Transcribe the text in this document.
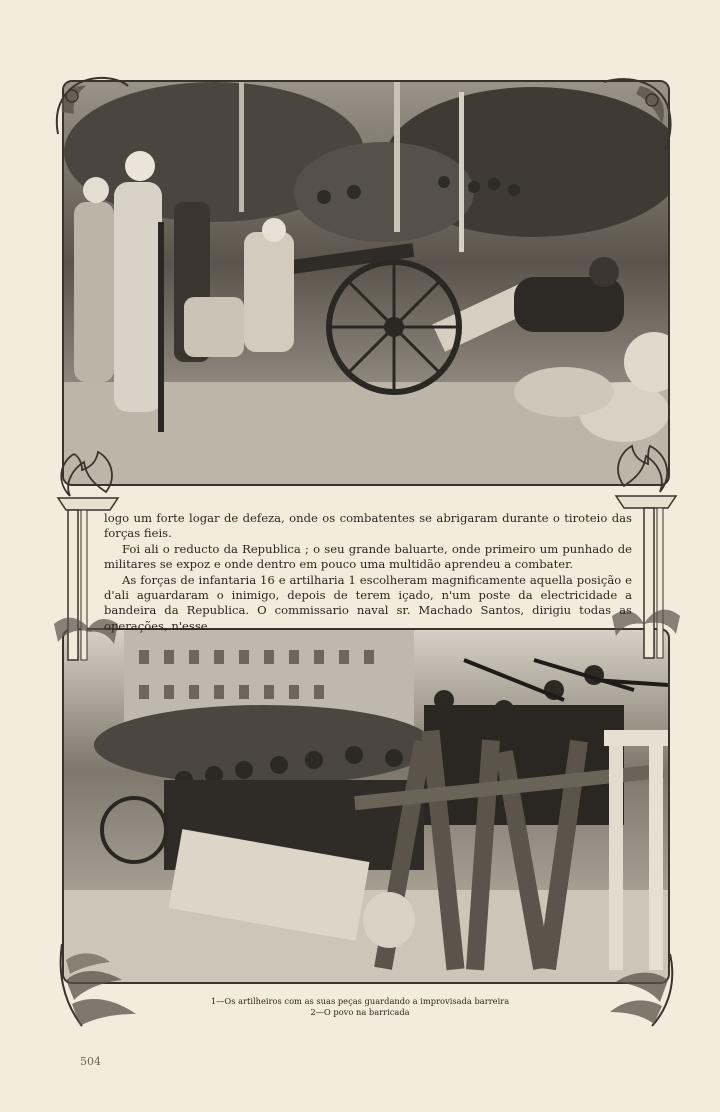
logo um forte logar de defeza, onde os combatentes se abrigaram durante o tiroteio das forças fieis.

Foi ali o reducto da Republica ; o seu grande baluarte, onde primeiro um punhado de militares se expoz e onde dentro em pouco uma multidão aprendeu a combater.

As forças de infantaria 16 e artilharia 1 escolheram magnificamente aquella posição e d'ali aguardaram o inimigo, depois de terem içado, n'um poste da electricidade a bandeira da Republica. O commissario naval sr. Machado Santos, dirigiu todas as operações, n'esse

1—Os artilheiros com as suas peças guardando a improvisada barreira
2—O povo na barricada
504
